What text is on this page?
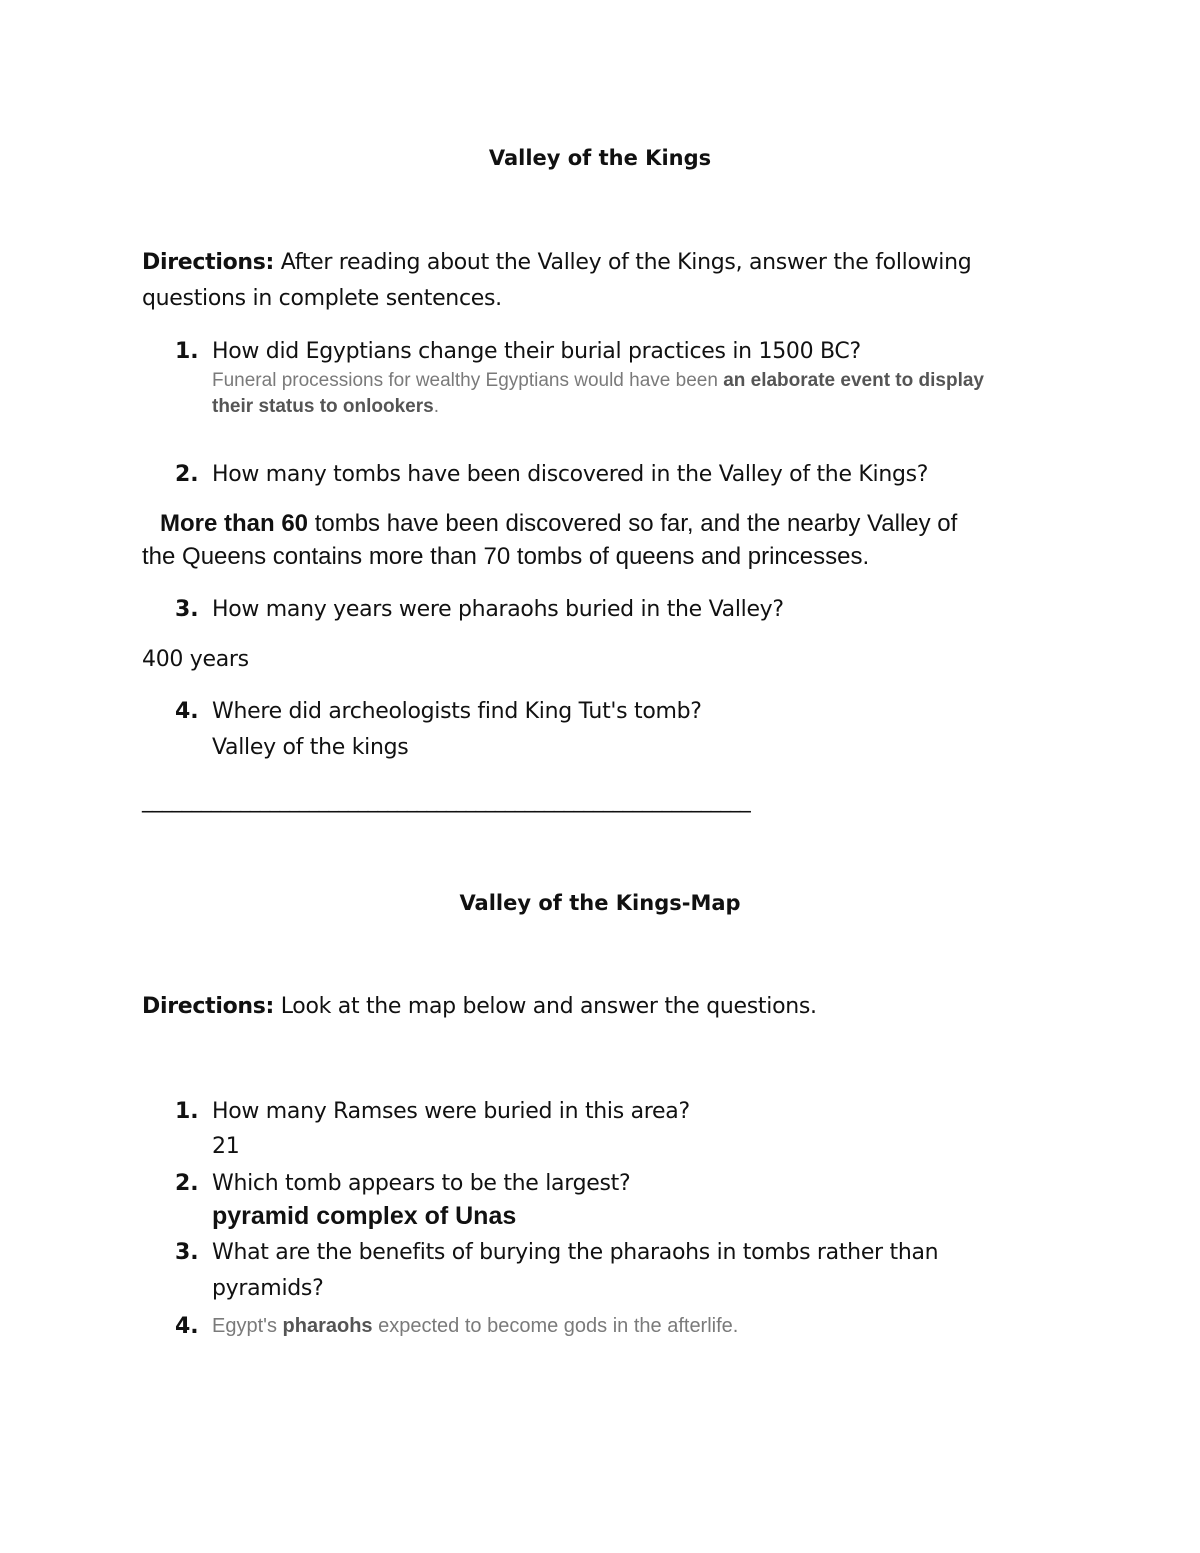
Valley of the Kings
Directions: After reading about the Valley of the Kings, answer the following
questions in complete sentences.
1. How did Egyptians change their burial practices in 1500 BC?
Funeral processions for wealthy Egyptians would have been an elaborate event to display
their status to onlookers.
2. How many tombs have been discovered in the Valley of the Kings?
More than 60 tombs have been discovered so far, and the nearby Valley of
the Queens contains more than 70 tombs of queens and princesses.
3. How many years were pharaohs buried in the Valley?
400 years
4. Where did archeologists find King Tut's tomb?
Valley of the kings
______________________________________________________________
Valley of the Kings-Map
Directions: Look at the map below and answer the questions.
1. How many Ramses were buried in this area?
21
2. Which tomb appears to be the largest?
pyramid complex of Unas
3. What are the benefits of burying the pharaohs in tombs rather than
pyramids?
4. Egypt's pharaohs expected to become gods in the afterlife.
